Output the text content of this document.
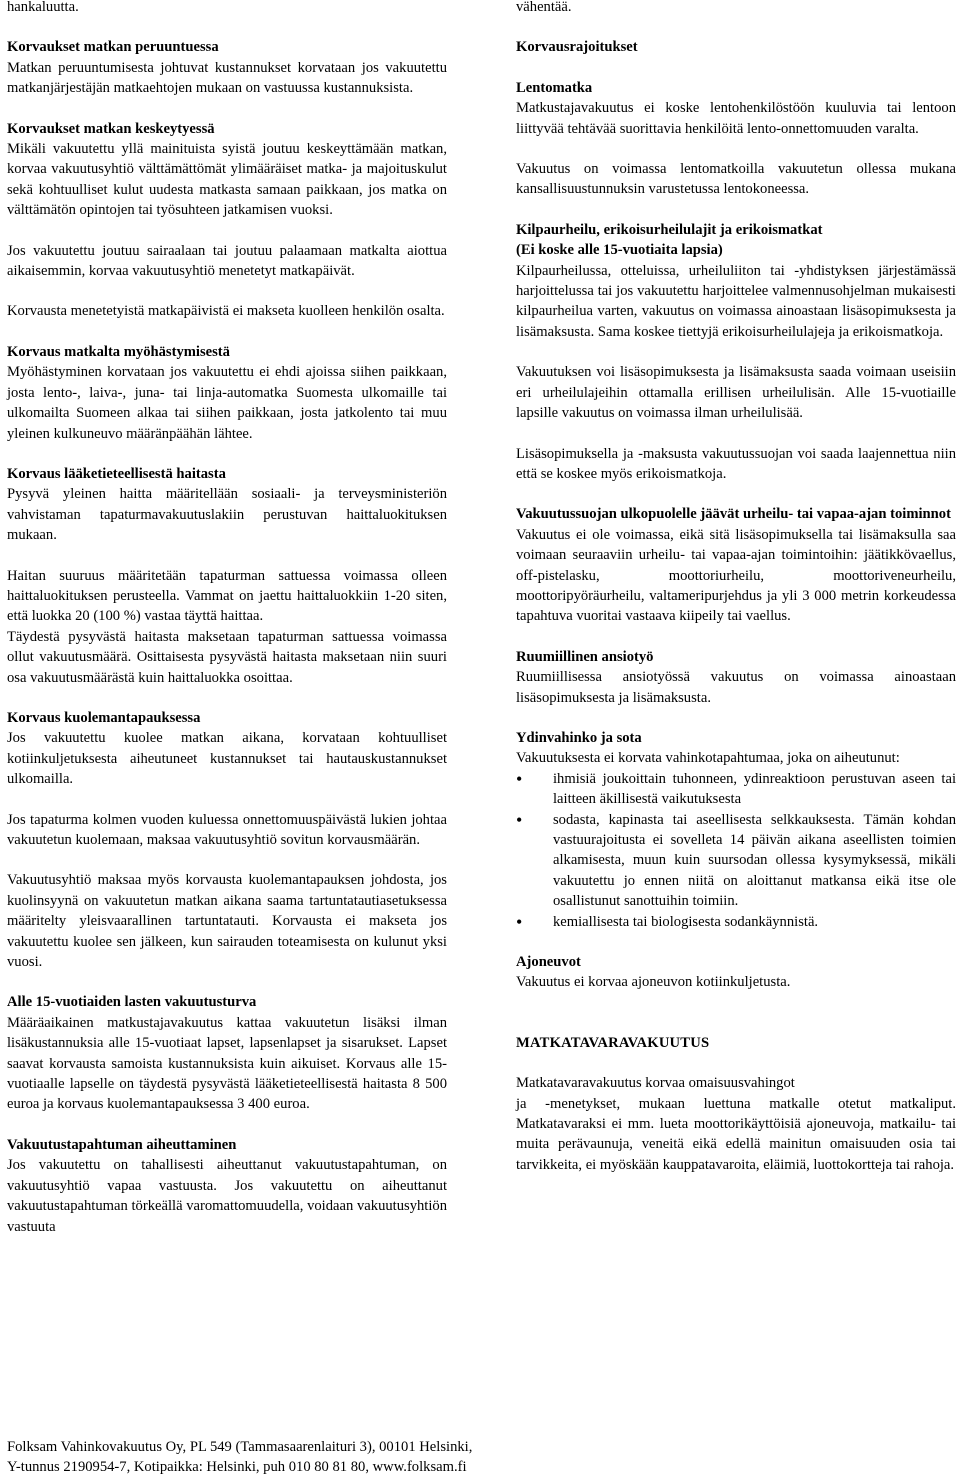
hankaluutta.

Korvaukset matkan peruuntuessa

Matkan peruuntumisesta johtuvat kustannukset korvataan jos vakuutettu matkanjärjestäjän matkaehtojen mukaan on vastuussa kustannuksista.

Korvaukset matkan keskeytyessä

Mikäli vakuutettu yllä mainituista syistä joutuu keskeyttämään matkan, korvaa vakuutusyhtiö välttämättömät ylimääräiset matka- ja majoituskulut sekä kohtuulliset kulut uudesta matkasta samaan paikkaan, jos matka on välttämätön opintojen tai työsuhteen jatkamisen vuoksi.

Jos vakuutettu joutuu sairaalaan tai joutuu palaamaan matkalta aiottua aikaisemmin, korvaa vakuutusyhtiö menetetyt matkapäivät.

Korvausta menetetyistä matkapäivistä ei makseta kuolleen henkilön osalta.

Korvaus matkalta myöhästymisestä

Myöhästyminen korvataan jos vakuutettu ei ehdi ajoissa siihen paikkaan, josta lento-, laiva-, juna- tai linja-automatka Suomesta ulkomaille tai ulkomailta Suomeen alkaa tai siihen paikkaan, josta jatkolento tai muu yleinen kulkuneuvo määränpäähän lähtee.

Korvaus lääketieteellisestä haitasta

Pysyvä yleinen haitta määritellään sosiaali- ja terveysministeriön vahvistaman tapaturmavakuutuslakiin perustuvan haittaluokituksen mukaan.

Haitan suuruus määritetään tapaturman sattuessa voimassa olleen haittaluokituksen perusteella. Vammat on jaettu haittaluokkiin 1-20 siten, että luokka 20 (100 %) vastaa täyttä haittaa.

Täydestä pysyvästä haitasta maksetaan tapaturman sattuessa voimassa ollut vakuutusmäärä. Osittaisesta pysyvästä haitasta maksetaan niin suuri osa vakuutusmäärästä kuin haittaluokka osoittaa.

Korvaus kuolemantapauksessa

Jos vakuutettu kuolee matkan aikana, korvataan kohtuulliset kotiinkuljetuksesta aiheutuneet kustannukset tai hautauskustannukset ulkomailla.

Jos tapaturma kolmen vuoden kuluessa onnettomuuspäivästä lukien johtaa vakuutetun kuolemaan, maksaa vakuutusyhtiö sovitun korvausmäärän.

Vakuutusyhtiö maksaa myös korvausta kuolemantapauksen johdosta, jos kuolinsyynä on vakuutetun matkan aikana saama tartuntatautiasetuksessa määritelty yleisvaarallinen tartuntatauti. Korvausta ei makseta jos vakuutettu kuolee sen jälkeen, kun sairauden toteamisesta on kulunut yksi vuosi.

Alle 15-vuotiaiden lasten vakuutusturva

Määräaikainen matkustajavakuutus kattaa vakuutetun lisäksi ilman lisäkustannuksia alle 15-vuotiaat lapset, lapsenlapset ja sisarukset. Lapset saavat korvausta samoista kustannuksista kuin aikuiset. Korvaus alle 15-vuotiaalle lapselle on täydestä pysyvästä lääketieteellisestä haitasta 8 500 euroa ja korvaus kuolemantapauksessa 3 400 euroa.

Vakuutustapahtuman aiheuttaminen

Jos vakuutettu on tahallisesti aiheuttanut vakuutustapahtuman, on vakuutusyhtiö vapaa vastuusta. Jos vakuutettu on aiheuttanut vakuutustapahtuman törkeällä varomattomuudella, voidaan vakuutusyhtiön vastuuta

vähentää.

Korvausrajoitukset

Lentomatka

Matkustajavakuutus ei koske lentohenkilöstöön kuuluvia tai lentoon liittyvää tehtävää suorittavia henkilöitä lento-onnettomuuden varalta.

Vakuutus on voimassa lentomatkoilla vakuutetun ollessa mukana kansallisuustunnuksin varustetussa lentokoneessa.

Kilpaurheilu, erikoisurheilulajit ja erikoismatkat

(Ei koske alle 15-vuotiaita lapsia)

Kilpaurheilussa, otteluissa, urheiluliiton tai -yhdistyksen järjestämässä harjoittelussa tai jos vakuutettu harjoittelee valmennusohjelman mukaisesti kilpaurheilua varten, vakuutus on voimassa ainoastaan lisäsopimuksesta ja lisämaksusta. Sama koskee tiettyjä erikoisurheilulajeja ja erikoismatkoja.

Vakuutuksen voi lisäsopimuksesta ja lisämaksusta saada voimaan useisiin eri urheilulajeihin ottamalla erillisen urheilulisän. Alle 15-vuotiaille lapsille vakuutus on voimassa ilman urheilulisää.

Lisäsopimuksella ja -maksusta vakuutussuojan voi saada laajennettua niin että se koskee myös erikoismatkoja.

Vakuutussuojan ulkopuolelle jäävät urheilu- tai vapaa-ajan toiminnot

Vakuutus ei ole voimassa, eikä sitä lisäsopimuksella tai lisämaksulla saa voimaan seuraaviin urheilu- tai vapaa-ajan toimintoihin: jäätikkövaellus, off-pistelasku, moottoriurheilu, moottoriveneurheilu, moottoripyöräurheilu, valtameripurjehdus ja yli 3 000 metrin korkeudessa tapahtuva vuoritai vastaava kiipeily tai vaellus.

Ruumiillinen ansiotyö

Ruumiillisessa ansiotyössä vakuutus on voimassa ainoastaan lisäsopimuksesta ja lisämaksusta.

Ydinvahinko ja sota

Vakuutuksesta ei korvata vahinkotapahtumaa, joka on aiheutunut:

• ihmisiä joukoittain tuhonneen, ydinreaktioon perustuvan aseen tai laitteen äkillisestä vaikutuksesta
• sodasta, kapinasta tai aseellisesta selkkauksesta. Tämän kohdan vastuurajoitusta ei sovelleta 14 päivän aikana aseellisten toimien alkamisesta, muun kuin suursodan ollessa kysymyksessä, mikäli vakuutettu jo ennen niitä on aloittanut matkansa eikä itse ole osallistunut sanottuihin toimiin.
• kemiallisesta tai biologisesta sodankäynnistä.

Ajoneuvot

Vakuutus ei korvaa ajoneuvon kotiinkuljetusta.

MATKATAVARAVAKUUTUS

Matkatavaravakuutus korvaa omaisuusvahingot

ja -menetykset, mukaan luettuna matkalle otetut matkaliput. Matkatavaraksi ei mm. lueta moottorikäyttöisiä ajoneuvoja, matkailu- tai muita perävaunuja, veneitä eikä edellä mainitun omaisuuden osia tai tarvikkeita, ei myöskään kauppatavaroita, eläimiä, luottokortteja tai rahoja.

Folksam Vahinkovakuutus Oy, PL 549 (Tammasaarenlaituri 3), 00101 Helsinki,

Y-tunnus 2190954-7, Kotipaikka: Helsinki, puh 010 80 81 80, www.folksam.fi
